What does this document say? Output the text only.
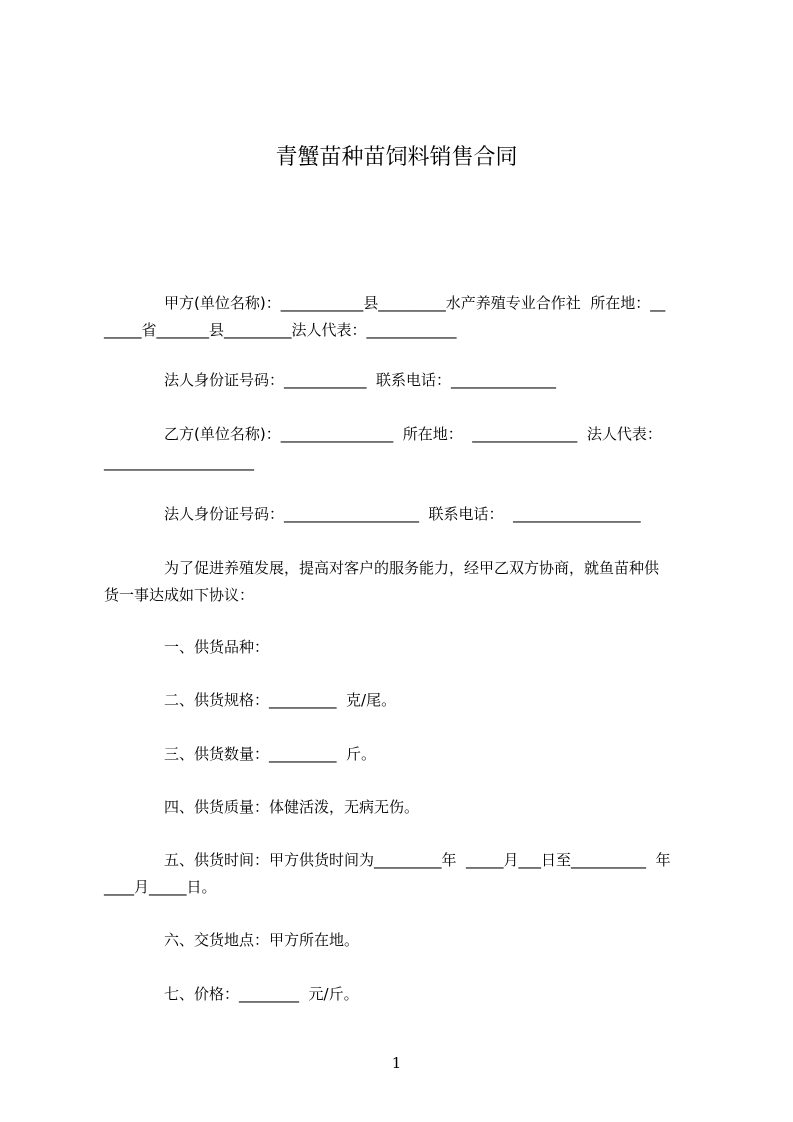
青蟹苗种苗饲料销售合同
　　　　甲方(单位名称)：___________县_________水产养殖专业合作社  所在地：__
_____省_______县_________法人代表：____________
　　　　法人身份证号码：___________  联系电话：______________
　　　　乙方(单位名称)：_______________  所在地：  ______________  法人代表：
____________________
　　　　法人身份证号码：__________________  联系电话：  _________________
　　　　为了促进养殖发展，提高对客户的服务能力，经甲乙双方协商，就鱼苗种供
货一事达成如下协议：
　　　　一、供货品种：
　　　　二、供货规格：_________  克/尾。
　　　　三、供货数量：_________  斤。
　　　　四、供货质量：体健活泼，无病无伤。
　　　　五、供货时间：甲方供货时间为_________年  _____月___日至__________  年
____月_____日。
　　　　六、交货地点：甲方所在地。
　　　　七、价格：________  元/斤。
1
